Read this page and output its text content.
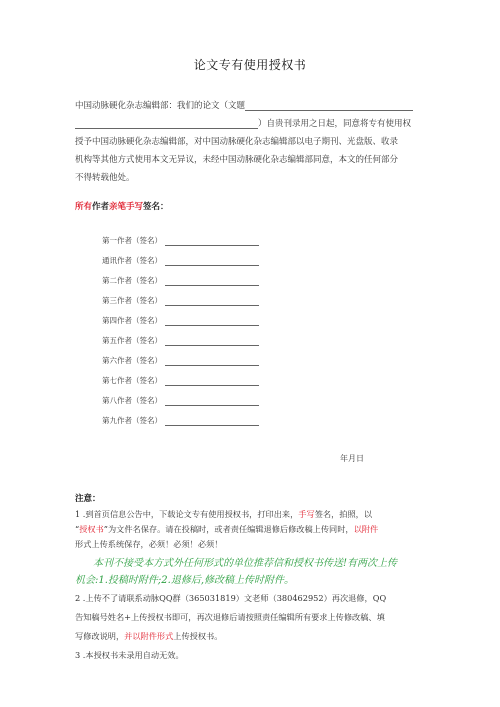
论文专有使用授权书
中国动脉硬化杂志编辑部：我们的论文（文题
）自贵刊录用之日起，同意将专有使用权
授予中国动脉硬化杂志编辑部，对中国动脉硬化杂志编辑部以电子期刊、光盘版、收录
机构等其他方式使用本文无异议，未经中国动脉硬化杂志编辑部同意，本文的任何部分
不得转载他处。
所有作者亲笔手写签名：
第一作者（签名）
通讯作者（签名）
第二作者（签名）
第三作者（签名）
第四作者（签名）
第五作者（签名）
第六作者（签名）
第七作者（签名）
第八作者（签名）
第九作者（签名）
年月日
注意：
1 .到首页信息公告中，下载论文专有使用授权书，打印出来，手写签名，拍照，以
“授权书”为文件名保存。请在投稿时，或者责任编辑退修后修改稿上传同时，以附件
形式上传系统保存，必须！必须！必须！
本刊不接受本方式外任何形式的单位推荐信和授权书传送!有两次上传
机会:1.投稿时附件;2.退修后,修改稿上传时附件。
2 .上传不了请联系动脉QQ群（365031819）文老师（380462952）再次退修，QQ
告知稿号姓名+上传授权书即可，再次退修后请按照责任编辑所有要求上传修改稿、填
写修改说明，并以附件形式上传授权书。
3 .本授权书未录用自动无效。
